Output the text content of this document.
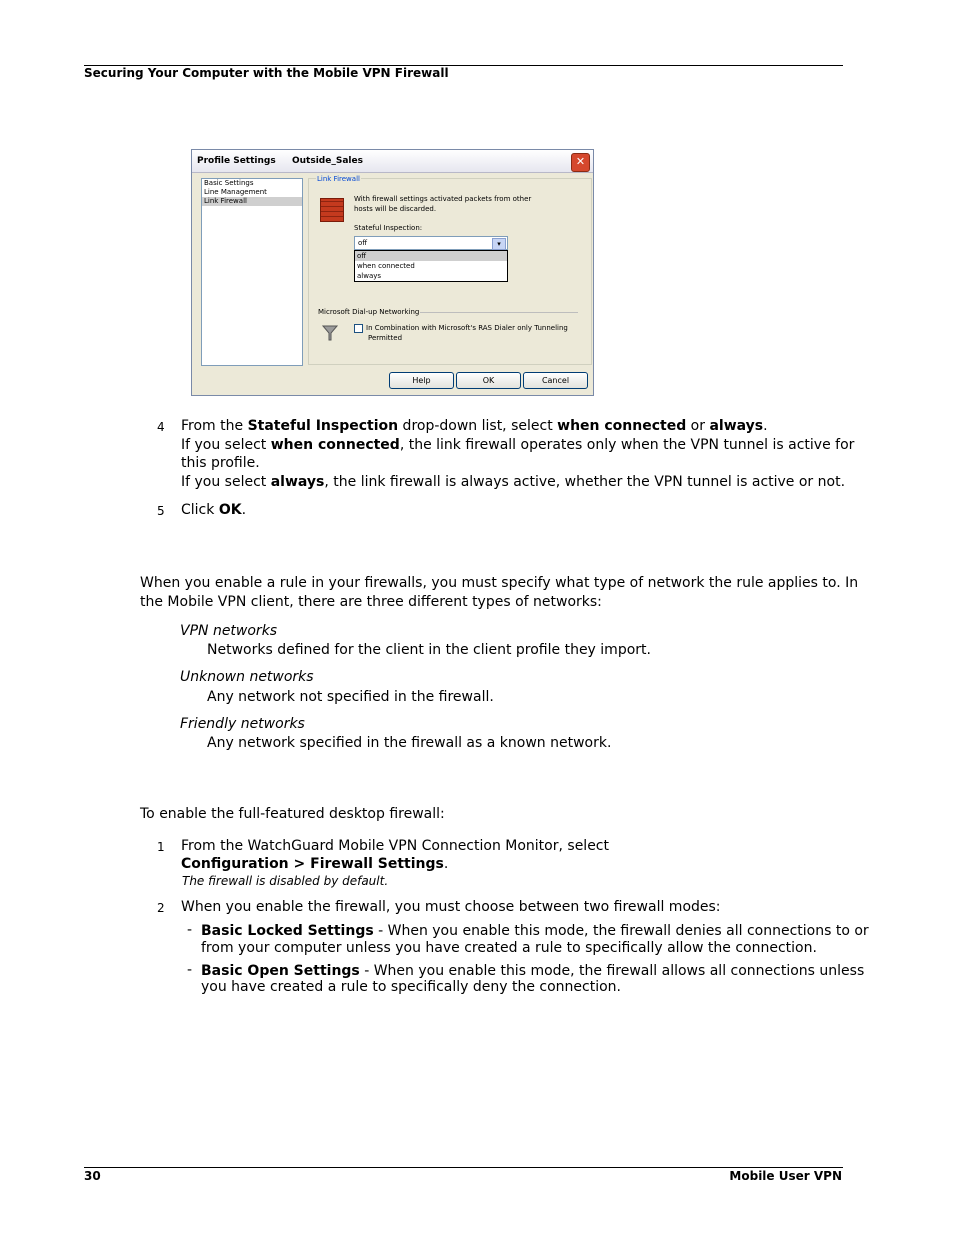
Securing Your Computer with the Mobile VPN Firewall
Profile Settings Outside_Sales	✕
Basic Settings
Line Management
Link Firewall
Link Firewall
With firewall settings activated packets from other
hosts will be discarded.
Stateful Inspection:
off	▾
off
when connected
always
Microsoft Dial-up Networking
In Combination with Microsoft's RAS Dialer only Tunneling
Permitted
Help	OK	Cancel
4 From the Stateful Inspection drop-down list, select when connected or always.
If you select when connected, the link firewall operates only when the VPN tunnel is active for
this profile.
If you select always, the link firewall is always active, whether the VPN tunnel is active or not.
5 Click OK.
When you enable a rule in your firewalls, you must specify what type of network the rule applies to. In
the Mobile VPN client, there are three different types of networks:
VPN networks
Networks defined for the client in the client profile they import.
Unknown networks
Any network not specified in the firewall.
Friendly networks
Any network specified in the firewall as a known network.
To enable the full-featured desktop firewall:
1 From the WatchGuard Mobile VPN Connection Monitor, select
Configuration > Firewall Settings.
The firewall is disabled by default.
2 When you enable the firewall, you must choose between two firewall modes:
- Basic Locked Settings - When you enable this mode, the firewall denies all connections to or
from your computer unless you have created a rule to specifically allow the connection.
- Basic Open Settings - When you enable this mode, the firewall allows all connections unless
you have created a rule to specifically deny the connection.
30	Mobile User VPN
